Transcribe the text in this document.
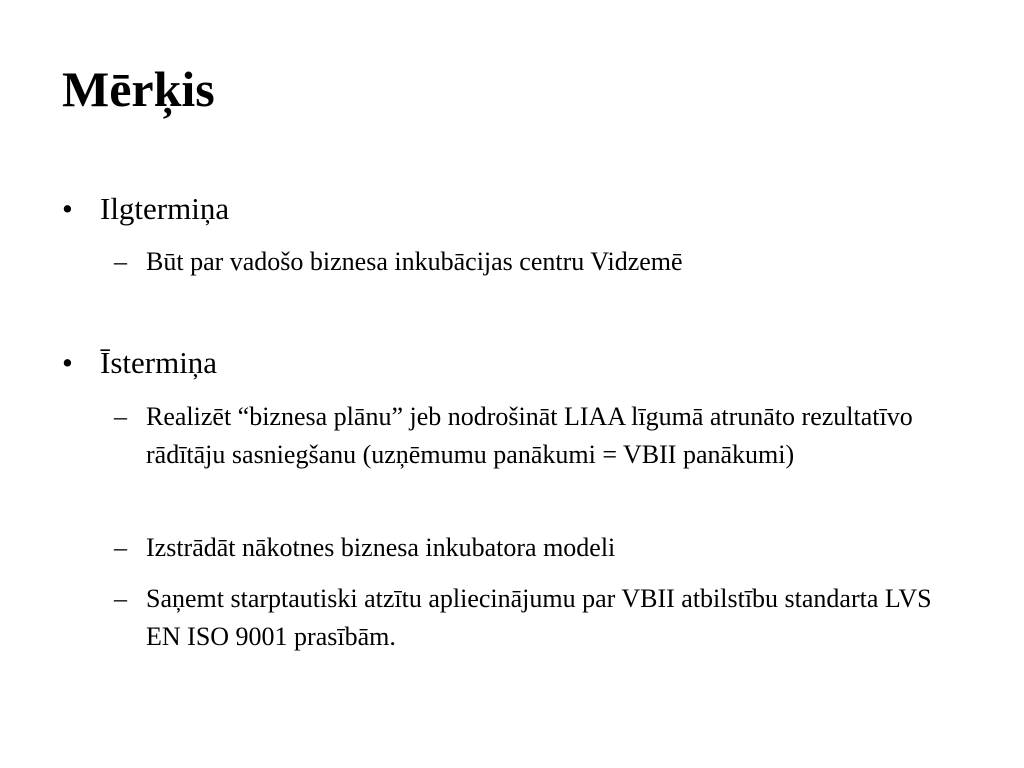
Mērķis
• Ilgtermiņa
– Būt par vadošo biznesa inkubācijas centru Vidzemē
• Īstermiņa
– Realizēt “biznesa plānu” jeb nodrošināt LIAA līgumā atrunāto rezultatīvo rādītāju sasniegšanu (uzņēmumu panākumi = VBII panākumi)
– Izstrādāt nākotnes biznesa inkubatora modeli
– Saņemt starptautiski atzītu apliecinājumu par VBII atbilstību standarta LVS EN ISO 9001 prasībām.
